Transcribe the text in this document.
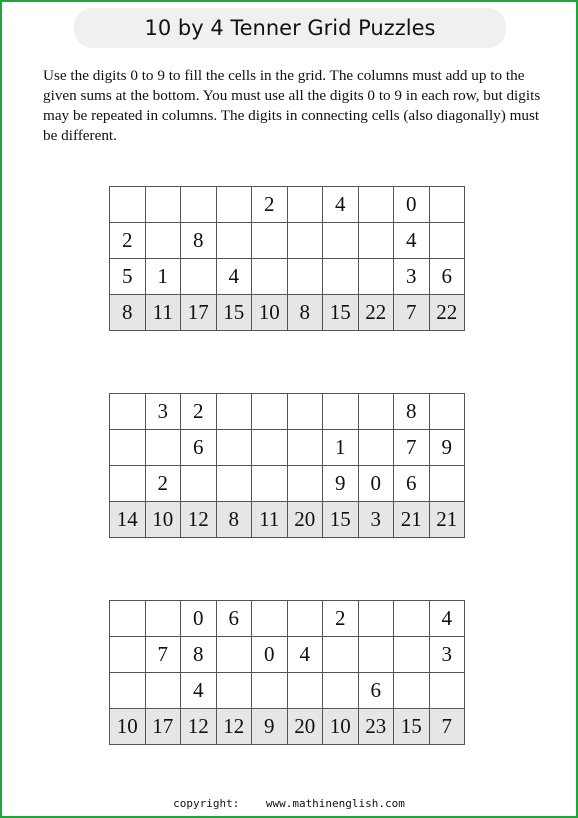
10 by 4 Tenner Grid Puzzles
Use the digits 0 to 9 to fill the cells in the grid. The columns must add up to the given sums at the bottom. You must use all the digits 0 to 9 in each row, but digits may be repeated in columns. The digits in connecting cells (also diagonally) must be different.
				2		4		0	
2		8						4	
5	1		4					3	6
8	11	17	15	10	8	15	22	7	22
	3	2						8	
		6				1		7	9
	2					9	0	6	
14	10	12	8	11	20	15	3	21	21
		0	6			2			4
	7	8		0	4				3
		4					6		
10	17	12	12	9	20	10	23	15	7
copyright: www.mathinenglish.com
